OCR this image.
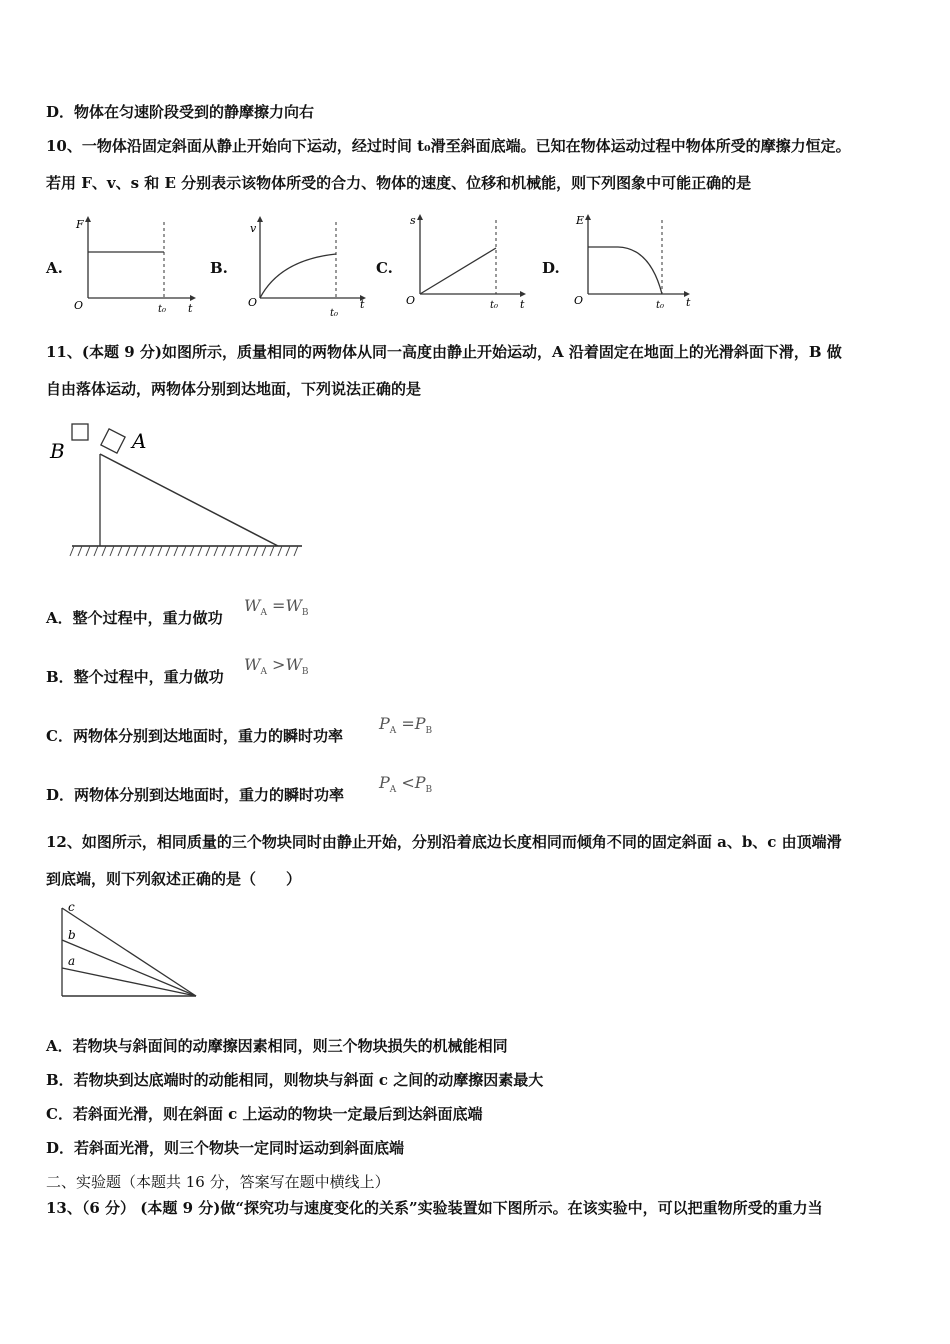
D．物体在匀速阶段受到的静摩擦力向右
10、一物体沿固定斜面从静止开始向下运动，经过时间 t₀滑至斜面底端。已知在物体运动过程中物体所受的摩擦力恒定。
若用 F、v、s 和 E 分别表示该物体所受的合力、物体的速度、位移和机械能，则下列图象中可能正确的是
A.
F
O	t
t₀
B.
v
O	t
t₀
C.
s
O	t
t₀
D.
E
O	t
t₀
11、(本题 9 分)如图所示，质量相同的两物体从同一高度由静止开始运动，A 沿着固定在地面上的光滑斜面下滑，B 做
自由落体运动，两物体分别到达地面，下列说法正确的是
B	A
A．整个过程中，重力做功
$W_A =W_B$
B．整个过程中，重力做功
$W_A >W_B$
C．两物体分别到达地面时，重力的瞬时功率
$P_A =P_B$
D．两物体分别到达地面时，重力的瞬时功率
$P_A <P_B$
12、如图所示，相同质量的三个物块同时由静止开始，分别沿着底边长度相同而倾角不同的固定斜面 a、b、c 由顶端滑
到底端，则下列叙述正确的是（　　）
c
b
a
A．若物块与斜面间的动摩擦因素相同，则三个物块损失的机械能相同
B．若物块到达底端时的动能相同，则物块与斜面 c 之间的动摩擦因素最大
C．若斜面光滑，则在斜面 c 上运动的物块一定最后到达斜面底端
D．若斜面光滑，则三个物块一定同时运动到斜面底端
二、实验题（本题共 16 分，答案写在题中横线上）
13、（6 分） (本题 9 分)做“探究功与速度变化的关系”实验装置如下图所示。在该实验中，可以把重物所受的重力当
